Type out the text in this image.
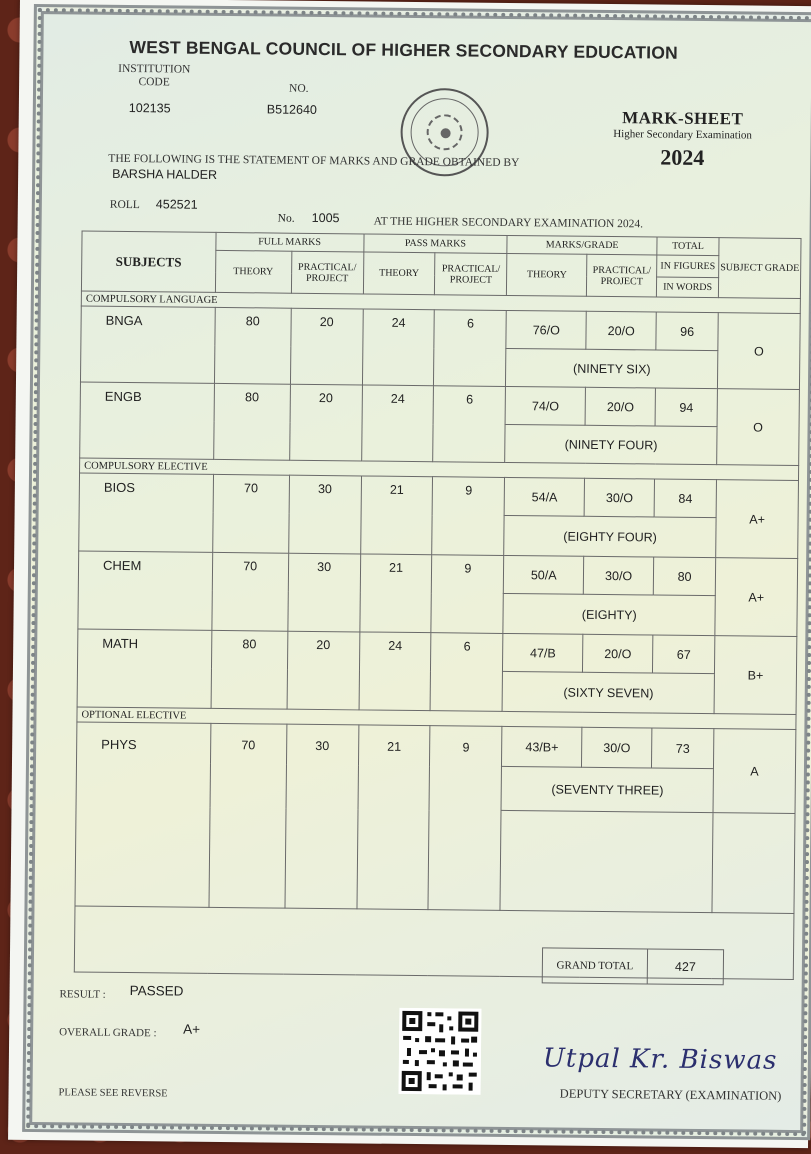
WEST BENGAL COUNCIL OF HIGHER SECONDARY EDUCATION
INSTITUTION CODE
102135
NO.
B512640	MARK-SHEET
Higher Secondary Examination
2024
THE FOLLOWING IS THE STATEMENT OF MARKS AND GRADE OBTAINED BY
BARSHA HALDER
ROLL 452521
No. 1005	AT THE HIGHER SECONDARY EXAMINATION 2024.
SUBJECTS	FULL MARKS		PASS MARKS		MARKS/GRADE		TOTAL	SUBJECT GRADE
	THEORY	PRACTICAL/ PROJECT	THEORY	PRACTICAL/ PROJECT	THEORY	PRACTICAL/ PROJECT	IN FIGURES	
							IN WORDS	
COMPULSORY LANGUAGE								
BNGA	80	20	24	6	76/O	20/O	96	O
					(NINETY SIX)			
ENGB	80	20	24	6	74/O	20/O	94	O
					(NINETY FOUR)			
COMPULSORY ELECTIVE								
BIOS	70	30	21	9	54/A	30/O	84	A+
					(EIGHTY FOUR)			
CHEM	70	30	21	9	50/A	30/O	80	A+
					(EIGHTY)			
MATH	80	20	24	6	47/B	20/O	67	B+
					(SIXTY SEVEN)			
OPTIONAL ELECTIVE								
PHYS	70	30	21	9	43/B+	30/O	73	A
					(SEVENTY THREE)			

GRAND TOTAL	427
RESULT : PASSED
OVERALL GRADE : A+
Utpal Kr. Biswas
DEPUTY SECRETARY (EXAMINATION)
PLEASE SEE REVERSE
